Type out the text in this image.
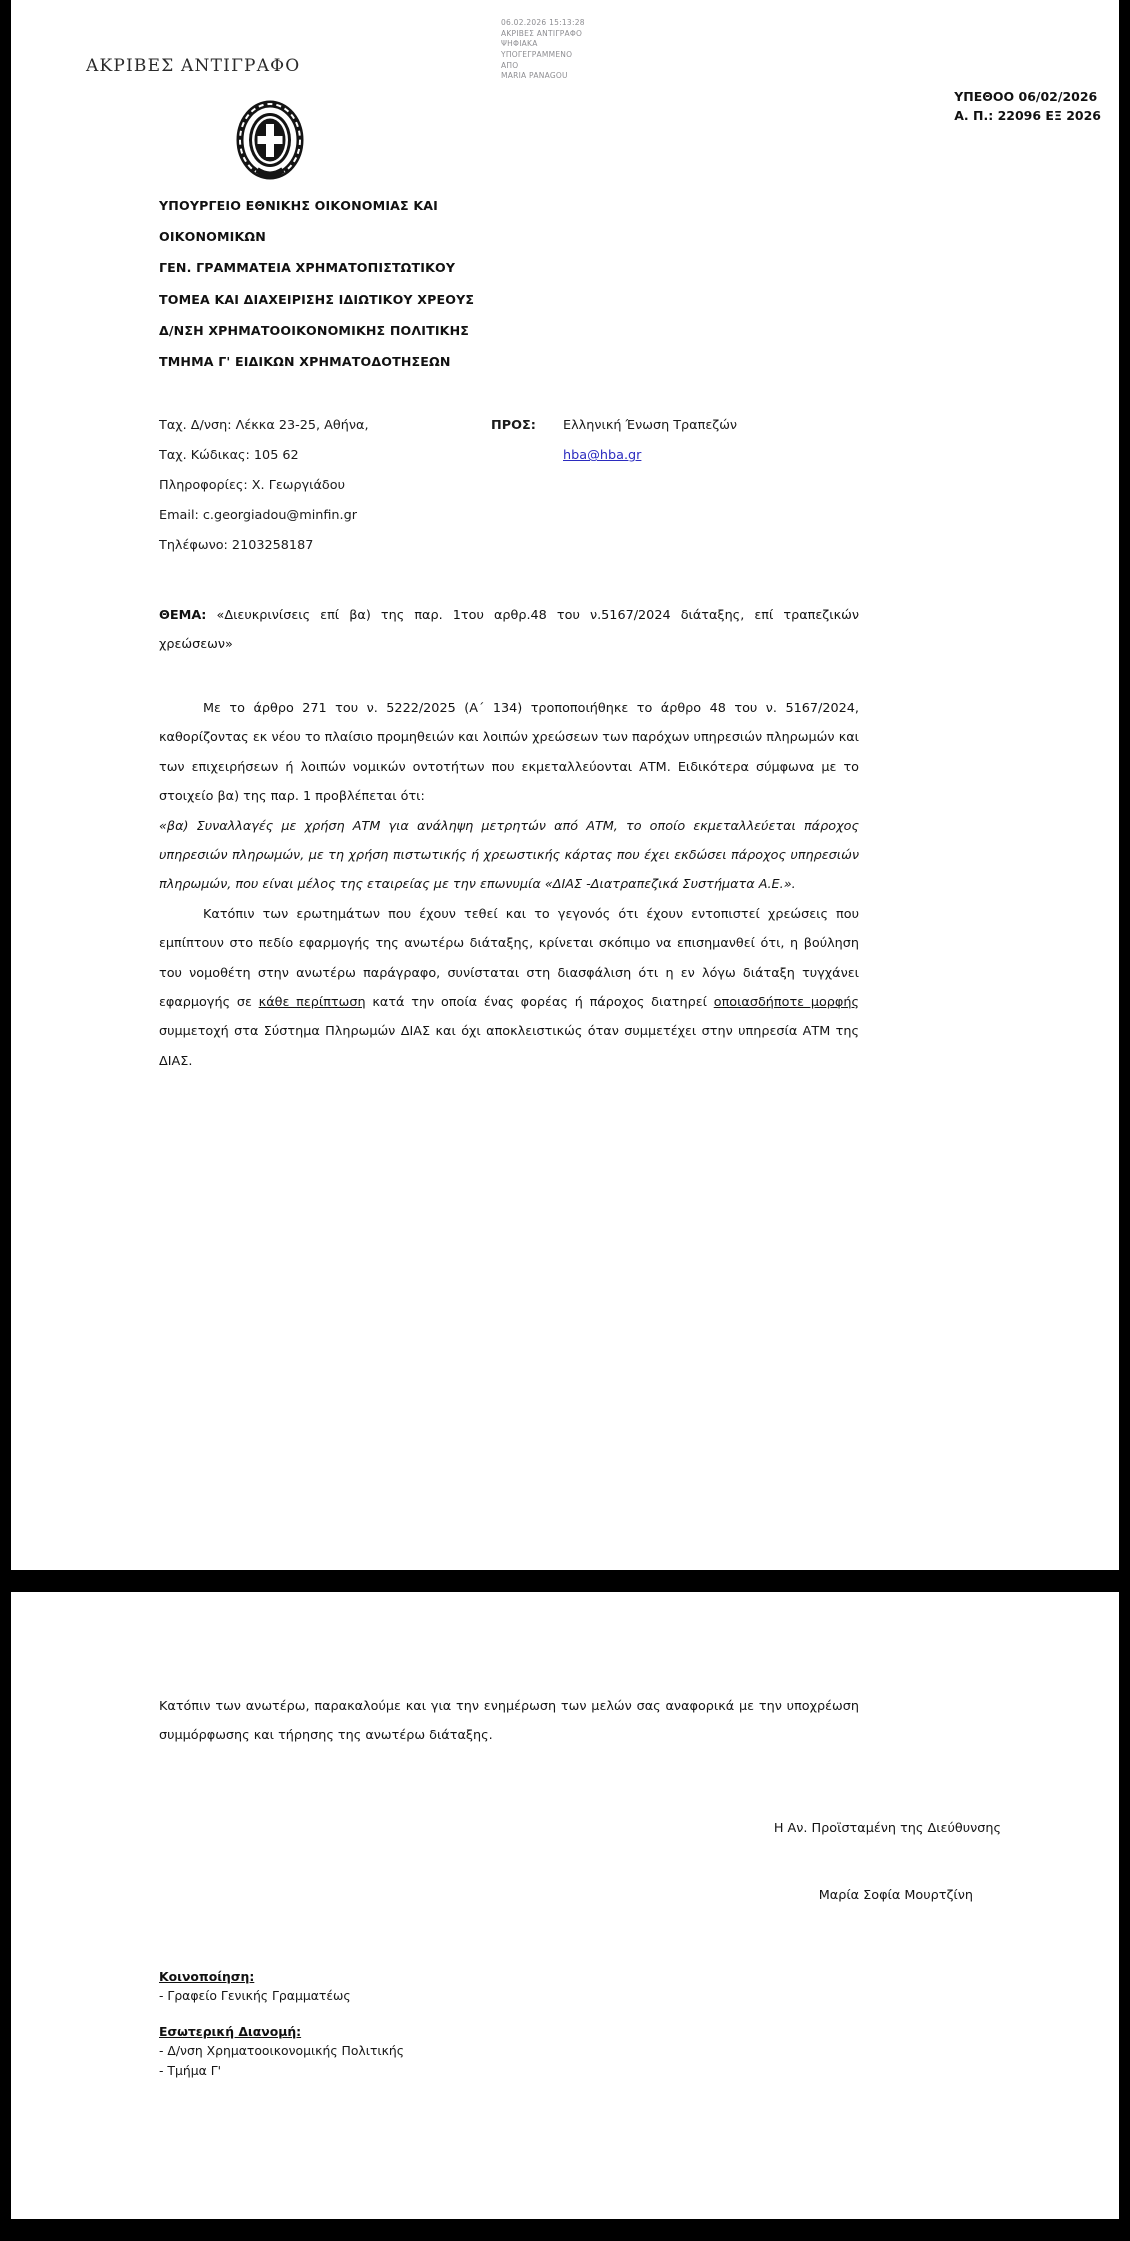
ΑΚΡΙΒΕΣ ΑΝΤΙΓΡΑΦΟ
06.02.2026 15:13:28
ΑΚΡΙΒΕΣ ΑΝΤΙΓΡΑΦΟ
ΨΗΦΙΑΚΑ
ΥΠΟΓΕΓΡΑΜΜΕΝΟ
ΑΠΟ
MARIA PANAGOU
ΥΠΕΘΟΟ 06/02/2026
Α. Π.: 22096 ΕΞ 2026
ΥΠΟΥΡΓΕΙΟ ΕΘΝΙΚΗΣ ΟΙΚΟΝΟΜΙΑΣ ΚΑΙ
ΟΙΚΟΝΟΜΙΚΩΝ
ΓΕΝ. ΓΡΑΜΜΑΤΕΙΑ ΧΡΗΜΑΤΟΠΙΣΤΩΤΙΚΟΥ
ΤΟΜΕΑ ΚΑΙ ΔΙΑΧΕΙΡΙΣΗΣ ΙΔΙΩΤΙΚΟΥ ΧΡΕΟΥΣ
Δ/ΝΣΗ ΧΡΗΜΑΤΟΟΙΚΟΝΟΜΙΚΗΣ ΠΟΛΙΤΙΚΗΣ
ΤΜΗΜΑ Γ' ΕΙΔΙΚΩΝ ΧΡΗΜΑΤΟΔΟΤΗΣΕΩΝ
Ταχ. Δ/νση: Λέκκα 23-25, Αθήνα,
Ταχ. Κώδικας: 105 62
Πληροφορίες: Χ. Γεωργιάδου
Email: c.georgiadou@minfin.gr
Τηλέφωνο: 2103258187
ΠΡΟΣ:	Ελληνική Ένωση Τραπεζών
hba@hba.gr
ΘΕΜΑ: «Διευκρινίσεις επί βα) της παρ. 1του αρθρ.48 του ν.5167/2024 διάταξης, επί τραπεζικών χρεώσεων»

Με το άρθρο 271 του ν. 5222/2025 (Α΄ 134) τροποποιήθηκε το άρθρο 48 του ν. 5167/2024, καθορίζοντας εκ νέου το πλαίσιο προμηθειών και λοιπών χρεώσεων των παρόχων υπηρεσιών πληρωμών και των επιχειρήσεων ή λοιπών νομικών οντοτήτων που εκμεταλλεύονται ΑΤΜ. Ειδικότερα σύμφωνα με το στοιχείο βα) της παρ. 1 προβλέπεται ότι:

«βα) Συναλλαγές με χρήση ΑΤΜ για ανάληψη μετρητών από ΑΤΜ, το οποίο εκμεταλλεύεται πάροχος υπηρεσιών πληρωμών, με τη χρήση πιστωτικής ή χρεωστικής κάρτας που έχει εκδώσει πάροχος υπηρεσιών πληρωμών, που είναι μέλος της εταιρείας με την επωνυμία «ΔΙΑΣ -Διατραπεζικά Συστήματα Α.Ε.».

Κατόπιν των ερωτημάτων που έχουν τεθεί και το γεγονός ότι έχουν εντοπιστεί χρεώσεις που εμπίπτουν στο πεδίο εφαρμογής της ανωτέρω διάταξης, κρίνεται σκόπιμο να επισημανθεί ότι, η βούληση του νομοθέτη στην ανωτέρω παράγραφο, συνίσταται στη διασφάλιση ότι η εν λόγω διάταξη τυγχάνει εφαρμογής σε κάθε περίπτωση κατά την οποία ένας φορέας ή πάροχος διατηρεί οποιασδήποτε μορφής συμμετοχή στα Σύστημα Πληρωμών ΔΙΑΣ και όχι αποκλειστικώς όταν συμμετέχει στην υπηρεσία ΑΤΜ της ΔΙΑΣ.

Κατόπιν των ανωτέρω, παρακαλούμε και για την ενημέρωση των μελών σας αναφορικά με την υποχρέωση συμμόρφωσης και τήρησης της ανωτέρω διάταξης.
Η Αν. Προϊσταμένη της Διεύθυνσης
Μαρία Σοφία Μουρτζίνη
Κοινοποίηση:
- Γραφείο Γενικής Γραμματέως
Εσωτερική Διανομή:
- Δ/νση Χρηματοοικονομικής Πολιτικής
- Τμήμα Γ'
